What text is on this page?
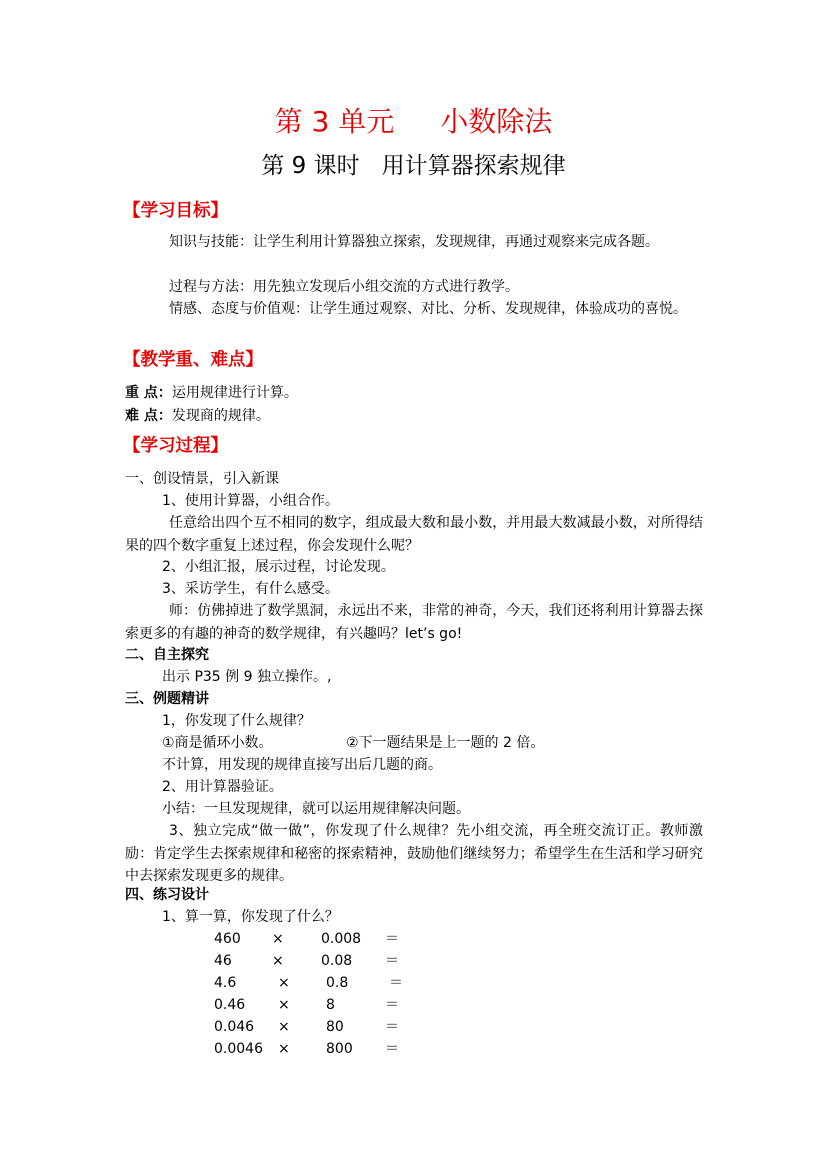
第 3 单元 小数除法
第 9 课时 用计算器探索规律
【学习目标】
知识与技能：让学生利用计算器独立探索，发现规律，再通过观察来完成各题。
过程与方法：用先独立发现后小组交流的方式进行教学。
情感、态度与价值观：让学生通过观察、对比、分析、发现规律，体验成功的喜悦。
【教学重、难点】
重 点：运用规律进行计算。
难 点：发现商的规律。
【学习过程】
一、创设情景，引入新课
1、使用计算器，小组合作。
任意给出四个互不相同的数字，组成最大数和最小数，并用最大数减最小数，对所得结果的四个数字重复上述过程，你会发现什么呢？
2、小组汇报，展示过程，讨论发现。
3、采访学生，有什么感受。
师：仿佛掉进了数学黑洞，永远出不来，非常的神奇，今天，我们还将利用计算器去探索更多的有趣的神奇的数学规律，有兴趣吗？let’s go!
二、自主探究
出示 P35 例 9 独立操作。,
三、例题精讲
1，你发现了什么规律？
①商是循环小数。	②下一题结果是上一题的 2 倍。
不计算，用发现的规律直接写出后几题的商。
2、用计算器验证。
小结：一旦发现规律，就可以运用规律解决问题。
3、独立完成“做一做”，你发现了什么规律？先小组交流，再全班交流订正。教师激励：肯定学生去探索规律和秘密的探索精神，鼓励他们继续努力；希望学生在生活和学习研究中去探索发现更多的规律。
四、练习设计
1、算一算，你发现了什么？
460 ×	0.008 ＝
46	×	0.08 ＝
4.6	×	0.8	＝
0.46 ×	8	＝
0.046 ×	80	＝
0.0046 ×	800 ＝
